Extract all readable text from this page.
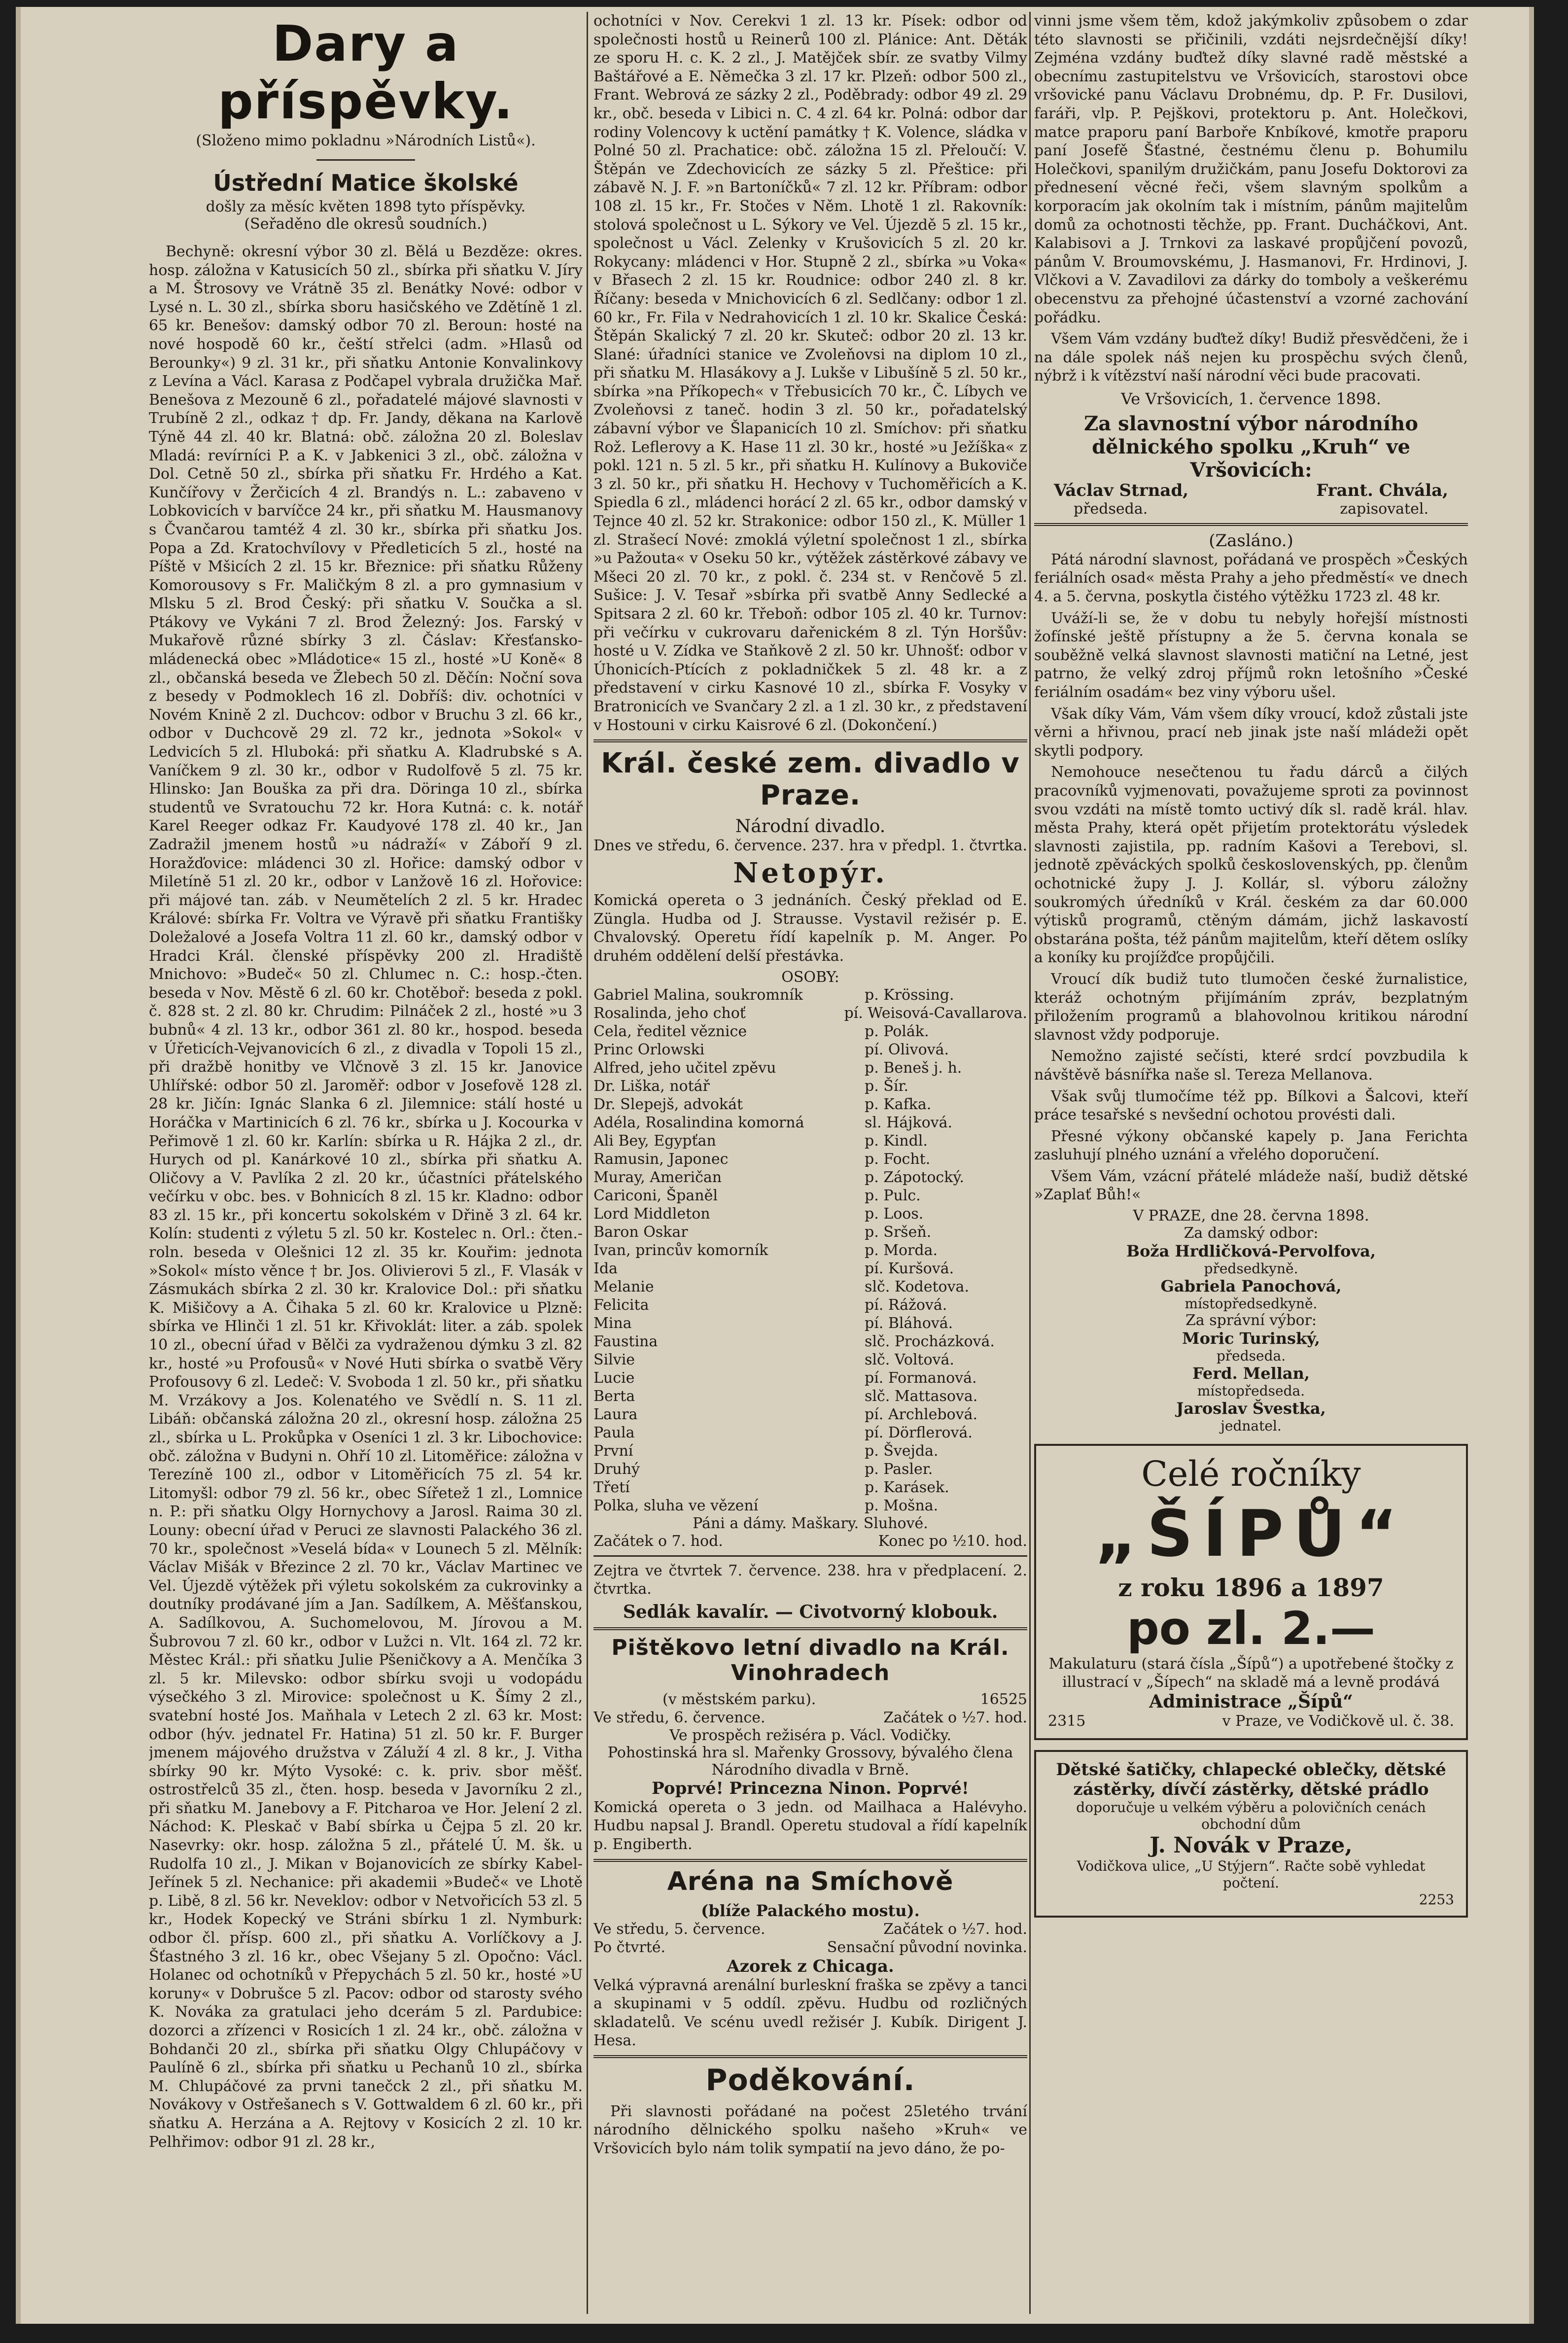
Dary a příspěvky.
(Složeno mimo pokladnu »Národních Listů«).
Ústřední Matice školské
došly za měsíc květen 1898 tyto příspěvky.
(Seřaděno dle okresů soudních.)

Bechyně: okresní výbor 30 zl. Bělá u Bezděze: okres. hosp. záložna v Katusicích 50 zl., sbírka při sňatku V. Jíry a M. Štrosovy ve Vrátně 35 zl. Benátky Nové: odbor v Lysé n. L. 30 zl., sbírka sboru hasičského ve Zdětíně 1 zl. 65 kr. Benešov: damský odbor 70 zl. Beroun: hosté na nové hospodě 60 kr., čeští střelci (adm. »Hlasů od Berounky«) 9 zl. 31 kr., při sňatku Antonie Konvalinkovy z Levína a Václ. Karasa z Podčapel vybrala družička Mař. Benešova z Mezouně 6 zl., pořadatelé májové slavnosti v Trubíně 2 zl., odkaz † dp. Fr. Jandy, děkana na Karlově Týně 44 zl. 40 kr. Blatná: obč. záložna 20 zl. Boleslav Mladá: revírníci P. a K. v Jabkenici 3 zl., obč. záložna v Dol. Cetně 50 zl., sbírka při sňatku Fr. Hrdého a Kat. Kunčířovy v Žerčicích 4 zl. Brandýs n. L.: zabaveno v Lobkovicích v barvíčce 24 kr., při sňatku M. Hausmanovy s Čvančarou tamtéž 4 zl. 30 kr., sbírka při sňatku Jos. Popa a Zd. Kratochvílovy v Předleticích 5 zl., hosté na Píště v Mšicích 2 zl. 15 kr. Březnice: při sňatku Růženy Komorousovy s Fr. Maličkým 8 zl. a pro gymnasium v Mlsku 5 zl. Brod Český: při sňatku V. Součka a sl. Ptákovy ve Vykáni 7 zl. Brod Železný: Jos. Farský v Mukařově různé sbírky 3 zl. Čáslav: Křesťansko-mládenecká obec »Mládotice« 15 zl., hosté »U Koně« 8 zl., občanská beseda ve Žlebech 50 zl. Děčín: Noční sova z besedy v Podmoklech 16 zl. Dobříš: div. ochotníci v Novém Knině 2 zl. Duchcov: odbor v Bruchu 3 zl. 66 kr., odbor v Duchcově 29 zl. 72 kr., jednota »Sokol« v Ledvicích 5 zl. Hluboká: při sňatku A. Kladrubské s A. Vaníčkem 9 zl. 30 kr., odbor v Rudolfově 5 zl. 75 kr. Hlinsko: Jan Bouška za při dra. Döringa 10 zl., sbírka studentů ve Svratouchu 72 kr. Hora Kutná: c. k. notář Karel Reeger odkaz Fr. Kaudyové 178 zl. 40 kr., Jan Zadražil jmenem hostů »u nádraží« v Záboří 9 zl. Horažďovice: mládenci 30 zl. Hořice: damský odbor v Miletíně 51 zl. 20 kr., odbor v Lanžově 16 zl. Hořovice: při májové tan. záb. v Neumětelích 2 zl. 5 kr. Hradec Králové: sbírka Fr. Voltra ve Výravě při sňatku Františky Doležalové a Josefa Voltra 11 zl. 60 kr., damský odbor v Hradci Král. členské příspěvky 200 zl. Hradiště Mnichovo: »Budeč« 50 zl. Chlumec n. C.: hosp.-čten. beseda v Nov. Městě 6 zl. 60 kr. Chotěboř: beseda z pokl. č. 828 st. 2 zl. 80 kr. Chrudim: Pilnáček 2 zl., hosté »u 3 bubnů« 4 zl. 13 kr., odbor 361 zl. 80 kr., hospod. beseda v Úřeticích-Vejvanovicích 6 zl., z divadla v Topoli 15 zl., při dražbě honitby ve Vlčnově 3 zl. 15 kr. Janovice Uhlířské: odbor 50 zl. Jaroměř: odbor v Josefově 128 zl. 28 kr. Jičín: Ignác Slanka 6 zl. Jilemnice: stálí hosté u Horáčka v Martinicích 6 zl. 76 kr., sbírka u J. Kocourka v Peřimově 1 zl. 60 kr. Karlín: sbírka u R. Hájka 2 zl., dr. Hurych od pl. Kanárkové 10 zl., sbírka při sňatku A. Oličovy a V. Pavlíka 2 zl. 20 kr., účastníci přátelského večírku v obc. bes. v Bohnicích 8 zl. 15 kr. Kladno: odbor 83 zl. 15 kr., při koncertu sokolském v Dřině 3 zl. 64 kr. Kolín: studenti z výletu 5 zl. 50 kr. Kostelec n. Orl.: čten.-roln. beseda v Olešnici 12 zl. 35 kr. Kouřim: jednota »Sokol« místo věnce † br. Jos. Olivierovi 5 zl., F. Vlasák v Zásmukách sbírka 2 zl. 30 kr. Kralovice Dol.: při sňatku K. Mišičovy a A. Čihaka 5 zl. 60 kr. Kralovice u Plzně: sbírka ve Hlinči 1 zl. 51 kr. Křivoklát: liter. a záb. spolek 10 zl., obecní úřad v Bělči za vydraženou dýmku 3 zl. 82 kr., hosté »u Profousů« v Nové Huti sbírka o svatbě Věry Profousovy 6 zl. Ledeč: V. Svoboda 1 zl. 50 kr., při sňatku M. Vrzákovy a Jos. Kolenatého ve Svědlí n. S. 11 zl. Libáň: občanská záložna 20 zl., okresní hosp. záložna 25 zl., sbírka u L. Prokůpka v Oseníci 1 zl. 3 kr. Libochovice: obč. záložna v Budyni n. Ohří 10 zl. Litoměřice: záložna v Terezíně 100 zl., odbor v Litoměřicích 75 zl. 54 kr. Litomyšl: odbor 79 zl. 56 kr., obec Sířetež 1 zl., Lomnice n. P.: při sňatku Olgy Hornychovy a Jarosl. Raima 30 zl. Louny: obecní úřad v Peruci ze slavnosti Palackého 36 zl. 70 kr., společnost »Veselá bída« v Lounech 5 zl. Mělník: Václav Mišák v Březince 2 zl. 70 kr., Václav Martinec ve Vel. Újezdě výtěžek při výletu sokolském za cukrovinky a doutníky prodávané jím a Jan. Sadílkem, A. Měšťanskou, A. Sadílkovou, A. Suchomelovou, M. Jírovou a M. Šubrovou 7 zl. 60 kr., odbor v Lužci n. Vlt. 164 zl. 72 kr. Městec Král.: při sňatku Julie Pšeničkovy a A. Menčíka 3 zl. 5 kr. Milevsko: odbor sbírku svoji u vodopádu výsečkého 3 zl. Mirovice: společnost u K. Šímy 2 zl., svatební hosté Jos. Maňhala v Letech 2 zl. 63 kr. Most: odbor (hýv. jednatel Fr. Hatina) 51 zl. 50 kr. F. Burger jmenem májového družstva v Záluží 4 zl. 8 kr., J. Vitha sbírky 90 kr. Mýto Vysoké: c. k. priv. sbor měšť. ostrostřelců 35 zl., čten. hosp. beseda v Javorníku 2 zl., při sňatku M. Janebovy a F. Pitcharoa ve Hor. Jelení 2 zl. Náchod: K. Pleskač v Babí sbírka u Čejpa 5 zl. 20 kr. Nasevrky: okr. hosp. záložna 5 zl., přátelé Ú. M. šk. u Rudolfa 10 zl., J. Mikan v Bojanovicích ze sbírky Kabel-Jeřínek 5 zl. Nechanice: při akademii »Budeč« ve Lhotě p. Libě, 8 zl. 56 kr. Neveklov: odbor v Netvořicích 53 zl. 5 kr., Hodek Kopecký ve Stráni sbírku 1 zl. Nymburk: odbor čl. přísp. 600 zl., při sňatku A. Vorlíčkovy a J. Šťastného 3 zl. 16 kr., obec Všejany 5 zl. Opočno: Václ. Holanec od ochotníků v Přepychách 5 zl. 50 kr., hosté »U koruny« v Dobrušce 5 zl. Pacov: odbor od starosty svého K. Nováka za gratulaci jeho dcerám 5 zl. Pardubice: dozorci a zřízenci v Rosicích 1 zl. 24 kr., obč. záložna v Bohdanči 20 zl., sbírka při sňatku Olgy Chlupáčovy v Paulíně 6 zl., sbírka při sňatku u Pechanů 10 zl., sbírka M. Chlupáčové za prvni tanečck 2 zl., při sňatku M. Novákovy v Ostřešanech s V. Gottwaldem 6 zl. 60 kr., při sňatku A. Herzána a A. Rejtovy v Kosicích 2 zl. 10 kr. Pelhřimov: odbor 91 zl. 28 kr.,

ochotníci v Nov. Cerekvi 1 zl. 13 kr. Písek: odbor od společnosti hostů u Reinerů 100 zl. Plánice: Ant. Děták ze sporu H. c. K. 2 zl., J. Matějček sbír. ze svatby Vilmy Baštářové a E. Němečka 3 zl. 17 kr. Plzeň: odbor 500 zl., Frant. Webrová ze sázky 2 zl., Poděbrady: odbor 49 zl. 29 kr., obč. beseda v Libici n. C. 4 zl. 64 kr. Polná: odbor dar rodiny Volencovy k uctění památky † K. Volence, sládka v Polné 50 zl. Prachatice: obč. záložna 15 zl. Přeloučí: V. Štěpán ve Zdechovicích ze sázky 5 zl. Přeštice: při zábavě N. J. F. »n Bartoníčků« 7 zl. 12 kr. Příbram: odbor 108 zl. 15 kr., Fr. Stočes v Něm. Lhotě 1 zl. Rakovník: stolová společnost u L. Sýkory ve Vel. Újezdě 5 zl. 15 kr., společnost u Václ. Zelenky v Krušovicích 5 zl. 20 kr. Rokycany: mládenci v Hor. Stupně 2 zl., sbírka »u Voka« v Břasech 2 zl. 15 kr. Roudnice: odbor 240 zl. 8 kr. Říčany: beseda v Mnichovicích 6 zl. Sedlčany: odbor 1 zl. 60 kr., Fr. Fila v Nedrahovicích 1 zl. 10 kr. Skalice Česká: Štěpán Skalický 7 zl. 20 kr. Skuteč: odbor 20 zl. 13 kr. Slané: úřadníci stanice ve Zvoleňovsi na diplom 10 zl., při sňatku M. Hlasákovy a J. Lukše v Libušíně 5 zl. 50 kr., sbírka »na Příkopech« v Třebusicích 70 kr., Č. Líbych ve Zvoleňovsi z taneč. hodin 3 zl. 50 kr., pořadatelský zábavní výbor ve Šlapanicích 10 zl. Smíchov: při sňatku Rož. Leflerovy a K. Hase 11 zl. 30 kr., hosté »u Ježíška« z pokl. 121 n. 5 zl. 5 kr., při sňatku H. Kulínovy a Bukoviče 3 zl. 50 kr., při sňatku H. Hechovy v Tuchoměřicích a K. Spiedla 6 zl., mládenci horácí 2 zl. 65 kr., odbor damský v Tejnce 40 zl. 52 kr. Strakonice: odbor 150 zl., K. Müller 1 zl. Strašecí Nové: zmoklá výletní společnost 1 zl., sbírka »u Pažouta« v Oseku 50 kr., výtěžek zástěrkové zábavy ve Mšeci 20 zl. 70 kr., z pokl. č. 234 st. v Renčově 5 zl. Sušice: J. V. Tesař »sbírka při svatbě Anny Sedlecké a Spitsara 2 zl. 60 kr. Třeboň: odbor 105 zl. 40 kr. Turnov: při večírku v cukrovaru dařenickém 8 zl. Týn Horšův: hosté u V. Zídka ve Staňkově 2 zl. 50 kr. Uhnošť: odbor v Úhonicích-Ptících z pokladničkek 5 zl. 48 kr. a z představení v cirku Kasnové 10 zl., sbírka F. Vosyky v Bratronicích ve Svančary 2 zl. a 1 zl. 30 kr., z představení v Hostouni v cirku Kaisrové 6 zl. (Dokončení.)

Král. české zem. divadlo v Praze.
Národní divadlo.
Dnes ve středu, 6. července. 237. hra v předpl. 1. čtvrtka.
Netopýr.

Komická opereta o 3 jednáních. Český překlad od E. Züngla. Hudba od J. Strausse. Vystavil režisér p. E. Chvalovský. Operetu řídí kapelník p. M. Anger. Po druhém oddělení delší přestávka.

OSOBY:
Gabriel Malina, soukromník	p. Krössing.
Rosalinda, jeho choť	pí. Weisová-Cavallarova.
Cela, ředitel věznice	p. Polák.
Princ Orlowski	pí. Olivová.
Alfred, jeho učitel zpěvu	p. Beneš j. h.
Dr. Liška, notář	p. Šír.
Dr. Slepejš, advokát	p. Kafka.
Adéla, Rosalindina komorná	sl. Hájková.
Ali Bey, Egypťan	p. Kindl.
Ramusin, Japonec	p. Focht.
Muray, Američan	p. Zápotocký.
Cariconi, Španěl	p. Pulc.
Lord Middleton	p. Loos.
Baron Oskar	p. Sršeň.
Ivan, princův komorník	p. Morda.
Ida	pí. Kuršová.
Melanie	slč. Kodetova.
Felicita	pí. Rážová.
Mina	pí. Bláhová.
Faustina	slč. Procházková.
Silvie	slč. Voltová.
Lucie	pí. Formanová.
Berta	slč. Mattasova.
Laura	pí. Archlebová.
Paula	pí. Dörflerová.
První	p. Švejda.
Druhý	p. Pasler.
Třetí	p. Karásek.
Polka, sluha ve vězení	p. Mošna.
Páni a dámy. Maškary. Sluhové.
Začátek o 7. hod.	Konec po ½10. hod.

Zejtra ve čtvrtek 7. července. 238. hra v předplacení. 2. čtvrtka.

Sedlák kavalír. — Civotvorný klobouk.
Pištěkovo letní divadlo na Král. Vinohradech
(v městském parku).	16525
Ve středu, 6. července.	Začátek o ½7. hod.
Ve prospěch režiséra p. Václ. Vodičky.
Pohostinská hra sl. Mařenky Grossovy, bývalého člena Národního divadla v Brně.
Poprvé! Princezna Ninon. Poprvé!

Komická opereta o 3 jedn. od Mailhaca a Halévyho. Hudbu napsal J. Brandl. Operetu studoval a řídí kapelník p. Engiberth.

Aréna na Smíchově
(blíže Palackého mostu).
Ve středu, 5. července.	Začátek o ½7. hod.
Po čtvrté.	Sensační původní novinka.
Azorek z Chicaga.

Velká výpravná arenální burleskní fraška se zpěvy a tanci a skupinami v 5 oddíl. zpěvu. Hudbu od rozličných skladatelů. Ve scénu uvedl režisér J. Kubík. Dirigent J. Hesa.

Poděkování.

Při slavnosti pořádané na počest 25letého trvání národního dělnického spolku našeho »Kruh« ve Vršovicích bylo nám tolik sympatií na jevo dáno, že po-

vinni jsme všem těm, kdož jakýmkoliv způsobem o zdar této slavnosti se přičinili, vzdáti nejsrdečnější díky! Zejména vzdány buďtež díky slavné radě městské a obecnímu zastupitelstvu ve Vršovicích, starostovi obce vršovické panu Václavu Drobnému, dp. P. Fr. Dusilovi, faráři, vlp. P. Pejškovi, protektoru p. Ant. Holečkovi, matce praporu paní Barboře Knbíkové, kmotře praporu paní Josefě Šťastné, čestnému členu p. Bohumilu Holečkovi, spanilým družičkám, panu Josefu Doktorovi za přednesení věcné řeči, všem slavným spolkům a korporacím jak okolním tak i místním, pánům majitelům domů za ochotnosti těchže, pp. Frant. Ducháčkovi, Ant. Kalabisovi a J. Trnkovi za laskavé propůjčení povozů, pánům V. Broumovskému, J. Hasmanovi, Fr. Hrdinovi, J. Vlčkovi a V. Zavadilovi za dárky do tomboly a veškerému obecenstvu za přehojné účastenství a vzorné zachování pořádku.

Všem Vám vzdány buďtež díky! Budiž přesvědčeni, že i na dále spolek náš nejen ku prospěchu svých členů, nýbrž i k vítězství naší národní věci bude pracovati.

Ve Vršovicích, 1. července 1898.
Za slavnostní výbor národního dělnického spolku „Kruh“ ve Vršovicích:
Václav Strnad,	Frant. Chvála,
předseda.	zapisovatel.
(Zasláno.)

Pátá národní slavnost, pořádaná ve prospěch »Českých feriálních osad« města Prahy a jeho předměstí« ve dnech 4. a 5. června, poskytla čistého výtěžku 1723 zl. 48 kr.

Uváží-li se, že v dobu tu nebyly hořejší místnosti žofínské ještě přístupny a že 5. června konala se souběžně velká slavnost slavnosti matiční na Letné, jest patrno, že velký zdroj příjmů rokn letošního »České feriálním osadám« bez viny výboru ušel.

Však díky Vám, Vám všem díky vroucí, kdož zůstali jste věrni a hřivnou, prací neb jinak jste naší mládeži opět skytli podpory.

Nemohouce nesečtenou tu řadu dárců a čilých pracovníků vyjmenovati, považujeme sproti za povinnost svou vzdáti na místě tomto uctivý dík sl. radě král. hlav. města Prahy, která opět přijetím protektorátu výsledek slavnosti zajistila, pp. radním Kašovi a Terebovi, sl. jednotě zpěváckých spolků československých, pp. členům ochotnické župy J. J. Kollár, sl. výboru záložny soukromých úředníků v Král. českém za dar 60.000 výtisků programů, ctěným dámám, jichž laskavostí obstarána pošta, též pánům majitelům, kteří dětem oslíky a koníky ku projížďce propůjčili.

Vroucí dík budiž tuto tlumočen české žurnalistice, kteráž ochotným přijímáním zpráv, bezplatným přiložením programů a blahovolnou kritikou národní slavnost vždy podporuje.

Nemožno zajisté sečísti, které srdcí povzbudila k návštěvě básnířka naše sl. Tereza Mellanova.

Však svůj tlumočíme též pp. Bílkovi a Šalcovi, kteří práce tesařské s nevšední ochotou provésti dali.

Přesné výkony občanské kapely p. Jana Ferichta zasluhují plného uznání a vřelého doporučení.

Všem Vám, vzácní přátelé mládeže naší, budiž dětské »Zaplať Bůh!«

V PRAZE, dne 28. června 1898.
Za damský odbor:
Boža Hrdličková-Pervolfova,
předsedkyně.
Gabriela Panochová,
místopředsedkyně.
Za správní výbor:
Moric Turinský,
předseda.
Ferd. Mellan,
místopředseda.
Jaroslav Švestka,
jednatel.
Celé ročníky
„ŠÍPŮ“
z roku 1896 a 1897
po zl. 2.—
Makulaturu (stará čísla „Šípů“) a upotřebené štočky z illustrací v „Šípech“ na skladě má a levně prodává
Administrace „Šípů“
2315	v Praze, ve Vodičkově ul. č. 38.
Dětské šatičky, chlapecké oblečky, dětské zástěrky, dívčí zástěrky, dětské prádlo
doporučuje u velkém výběru a polovičních cenách obchodní dům
J. Novák v Praze,
Vodičkova ulice, „U Stýjern“. Račte sobě vyhledat počtení.
2253
